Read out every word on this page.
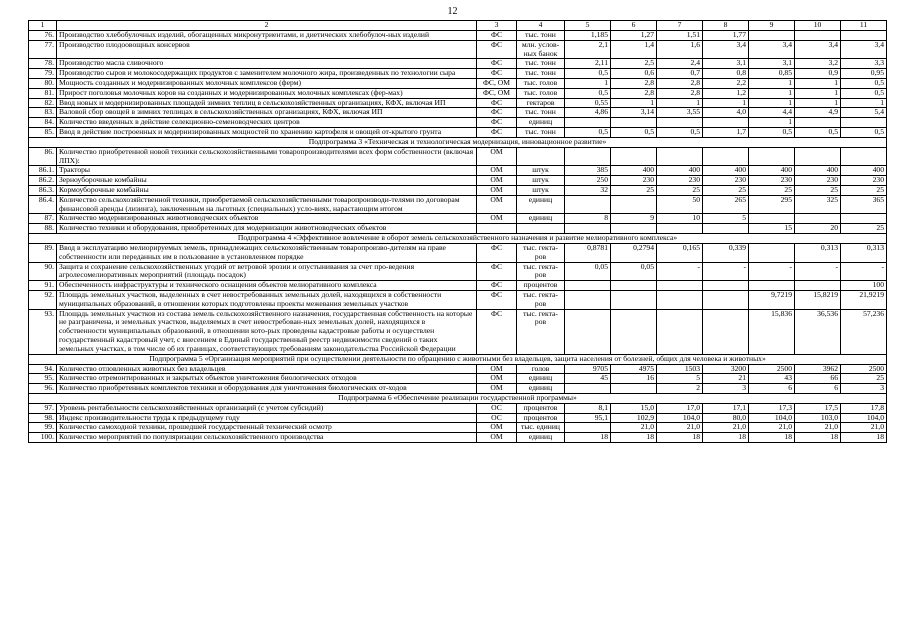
12
1	2	3	4	5	6	7	8	9	10	11
76.	Производство хлебобулочных изделий, обогащенных микронутриентами, и диетических хлебобулоч-ных изделий	ФС	тыс. тонн	1,185	1,27	1,51	1,77			
77.	Производство плодоовощных консервов	ФС	млн. услов-ных банок	2,1	1,4	1,6	3,4	3,4	3,4	3,4
78.	Производство масла сливочного	ФС	тыс. тонн	2,11	2,5	2,4	3,1	3,1	3,2	3,3
79.	Производство сыров и молокосодержащих продуктов с заменителем молочного жира, произведенных по технологии сыра	ФС	тыс. тонн	0,5	0,6	0,7	0,8	0,85	0,9	0,95
80.	Мощность созданных и модернизированных молочных комплексов (ферм)	ФС, ОМ	тыс. голов	1	2,8	2,8	2,2	1	1	0,5
81.	Прирост поголовья молочных коров на созданных и модернизированных молочных комплексах (фер-мах)	ФС, ОМ	тыс. голов	0,5	2,8	2,8	1,2	1	1	0,5
82.	Ввод новых и модернизированных площадей зимних теплиц в сельскохозяйственных организациях, КФХ, включая ИП	ФС	гектаров	0,55	1	1	1	1	1	1
83.	Валовой сбор овощей в зимних теплицах в сельскохозяйственных организациях, КФХ, включая ИП	ФС	тыс. тонн	4,86	3,14	3,55	4,0	4,4	4,9	5,4
84.	Количество введенных в действие селекционно-семеноводческих центров	ФС	единиц					1		
85.	Ввод в действие построенных и модернизированных мощностей по хранению картофеля и овощей от-крытого грунта	ФС	тыс. тонн	0,5	0,5	0,5	1,7	0,5	0,5	0,5
Подпрограмма 3 «Техническая и технологическая модернизация, инновационное развитие»										
86.	Количество приобретенной новой техники сельскохозяйственными товаропроизводителями всех форм собственности (включая ЛПХ):	ОМ								
86.1.	Тракторы	ОМ	штук	385	400	400	400	400	400	400
86.2.	Зерноуборочные комбайны	ОМ	штук	250	230	230	230	230	230	230
86.3.	Кормоуборочные комбайны	ОМ	штук	32	25	25	25	25	25	25
86.4.	Количество сельскохозяйственной техники, приобретаемой сельскохозяйственными товаропроизводи-телями по договорам финансовой аренды (лизинга), заключенным на льготных (специальных) усло-виях, нарастающим итогом	ОМ	единиц			50	265	295	325	365
87.	Количество модернизированных животноводческих объектов	ОМ	единиц	8	9	10	5			
88.	Количество техники и оборудования, приобретенных для модернизации животноводческих объектов							15	20	25
Подпрограмма 4 «Эффективное вовлечение в оборот земель сельскохозяйственного назначения и развитие мелиоративного комплекса»										
89.	Ввод в эксплуатацию мелиорируемых земель, принадлежащих сельскохозяйственным товаропроизво-дителям на праве собственности или переданных им в пользование в установленном порядке	ФС	тыс. гекта-ров	0,8781	0,2794	0,165	0,339		0,313	0,313
90.	Защита и сохранение сельскохозяйственных угодий от ветровой эрозии и опустынивания за счет про-ведения агролесомелиоративных мероприятий (площадь посадок)	ФС	тыс. гекта-ров	0,05	0,05	-	-	-	-	-
91.	Обеспеченность инфраструктуры и технического оснащения объектов мелиоративного комплекса	ФС	процентов							100
92.	Площадь земельных участков, выделенных в счет невостребованных земельных долей, находящихся в собственности муниципальных образований, в отношении которых подготовлены проекты межевания земельных участков	ФС	тыс. гекта-ров					9,7219	15,8219	21,9219
93.	Площадь земельных участков из состава земель сельскохозяйственного назначения, государственная собственность на которые не разграничена, и земельных участков, выделяемых в счет невостребован-ных земельных долей, находящихся в собственности муниципальных образований, в отношении кото-рых проведены кадастровые работы и осуществлен государственный кадастровый учет, с внесением в Единый государственный реестр недвижимости сведений о таких земельных участках, в том числе об их границах, соответствующих требованиям законодательства Российской Федерации	ФС	тыс. гекта-ров					15,836	36,536	57,236
Подпрограмма 5 «Организация мероприятий при осуществлении деятельности по обращению с животными без владельцев, защита населения от болезней, общих для человека и животных»										
94.	Количество отловленных животных без владельцев	ОМ	голов	9705	4975	1503	3200	2500	3962	2500
95.	Количество отремонтированных и закрытых объектов уничтожения биологических отходов	ОМ	единиц	45	16	5	21	43	66	25
96.	Количество приобретенных комплектов техники и оборудования для уничтожения биологических от-ходов	ОМ	единиц			2	3	6	6	3
Подпрограмма 6 «Обеспечение реализации государственной программы»										
97.	Уровень рентабельности сельскохозяйственных организаций (с учетом субсидий)	ОС	процентов	8,1	15,0	17,0	17,1	17,3	17,5	17,8
98.	Индекс производительности труда к предыдущему году	ОС	процентов	95,1	102,9	104,0	80,0	104,0	103,0	104,0
99.	Количество самоходной техники, прошедшей государственный технический осмотр	ОМ	тыс. единиц		21,0	21,0	21,0	21,0	21,0	21,0
100.	Количество мероприятий по популяризации сельскохозяйственного производства	ОМ	единиц	18	18	18	18	18	18	18
